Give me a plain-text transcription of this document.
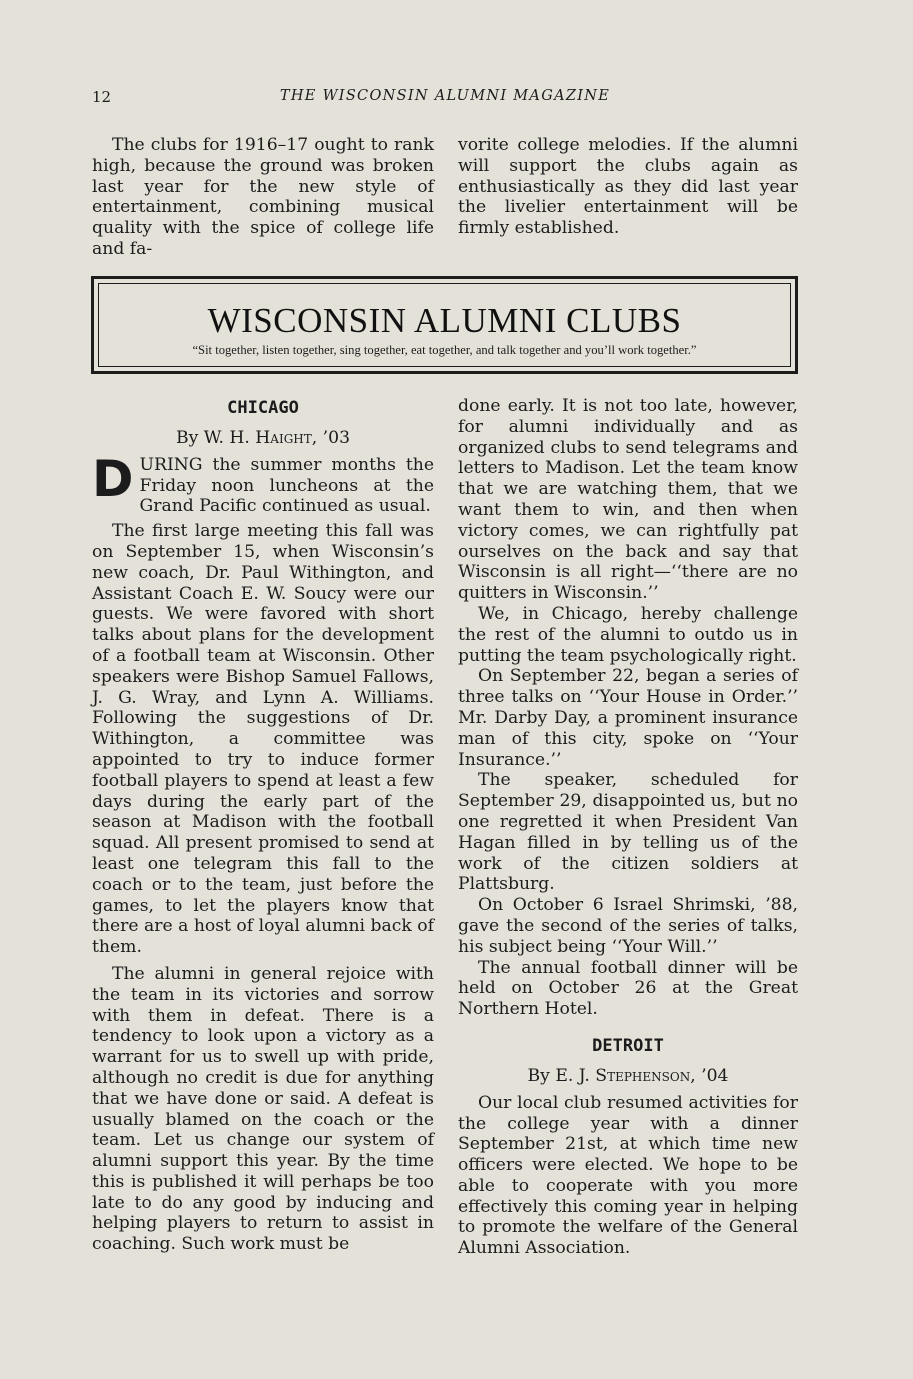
12	THE WISCONSIN ALUMNI MAGAZINE

The clubs for 1916–17 ought to rank high, because the ground was broken last year for the new style of entertainment, combining musical quality with the spice of college life and fa-

vorite college melodies. If the alumni will support the clubs again as enthusiastically as they did last year the livelier entertainment will be firmly established.

WISCONSIN ALUMNI CLUBS
“Sit together, listen together, sing together, eat together, and talk together and you’ll work together.”
CHICAGO
By W. H. Haight, ’03

DURING the summer months the Friday noon luncheons at the Grand Pacific continued as usual.

The first large meeting this fall was on September 15, when Wisconsin’s new coach, Dr. Paul Withington, and Assistant Coach E. W. Soucy were our guests. We were favored with short talks about plans for the development of a football team at Wisconsin. Other speakers were Bishop Samuel Fallows, J. G. Wray, and Lynn A. Williams. Following the suggestions of Dr. Withington, a committee was appointed to try to induce former football players to spend at least a few days during the early part of the season at Madison with the football squad. All present promised to send at least one telegram this fall to the coach or to the team, just before the games, to let the players know that there are a host of loyal alumni back of them.

The alumni in general rejoice with the team in its victories and sorrow with them in defeat. There is a tendency to look upon a victory as a warrant for us to swell up with pride, although no credit is due for anything that we have done or said. A defeat is usually blamed on the coach or the team. Let us change our system of alumni support this year. By the time this is published it will perhaps be too late to do any good by inducing and helping players to return to assist in coaching. Such work must be

done early. It is not too late, however, for alumni individually and as organized clubs to send telegrams and letters to Madison. Let the team know that we are watching them, that we want them to win, and then when victory comes, we can rightfully pat ourselves on the back and say that Wisconsin is all right—‘‘there are no quitters in Wisconsin.’’

We, in Chicago, hereby challenge the rest of the alumni to outdo us in putting the team psychologically right.

On September 22, began a series of three talks on ‘‘Your House in Order.’’ Mr. Darby Day, a prominent insurance man of this city, spoke on ‘‘Your Insurance.’’

The speaker, scheduled for September 29, disappointed us, but no one regretted it when President Van Hagan filled in by telling us of the work of the citizen soldiers at Plattsburg.

On October 6 Israel Shrimski, ’88, gave the second of the series of talks, his subject being ‘‘Your Will.’’

The annual football dinner will be held on October 26 at the Great Northern Hotel.

DETROIT
By E. J. Stephenson, ’04

Our local club resumed activities for the college year with a dinner September 21st, at which time new officers were elected. We hope to be able to cooperate with you more effectively this coming year in helping to promote the welfare of the General Alumni Association.
